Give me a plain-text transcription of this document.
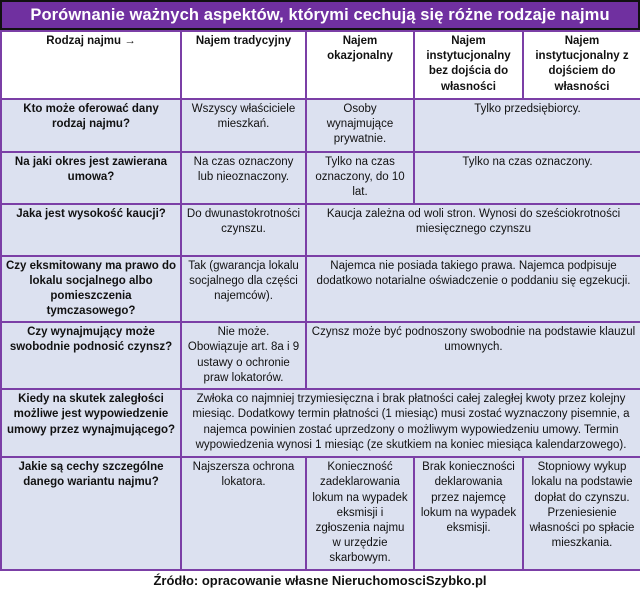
Porównanie ważnych aspektów, którymi cechują się różne rodzaje najmu
Rodzaj najmu →	Najem tradycyjny	Najem okazjonalny	Najem instytucjonalny bez dojścia do własności	Najem instytucjonalny z dojściem do własności
Kto może oferować dany rodzaj najmu?	Wszyscy właściciele mieszkań.	Osoby wynajmujące prywatnie.	Tylko przedsiębiorcy.	
Na jaki okres jest zawierana umowa?	Na czas oznaczony lub nieoznaczony.	Tylko na czas oznaczony, do 10 lat.	Tylko na czas oznaczony.	
Jaka jest wysokość kaucji?	Do dwunastokrotności czynszu.	Kaucja zależna od woli stron. Wynosi do sześciokrotności miesięcznego czynszu		
Czy eksmitowany ma prawo do lokalu socjalnego albo pomieszczenia tymczasowego?	Tak (gwarancja lokalu socjalnego dla części najemców).	Najemca nie posiada takiego prawa. Najemca podpisuje dodatkowo notarialne oświadczenie o poddaniu się egzekucji.		
Czy wynajmujący może swobodnie podnosić czynsz?	Nie może. Obowiązuje art. 8a i 9 ustawy o ochronie praw lokatorów.	Czynsz może być podnoszony swobodnie na podstawie klauzul umownych.		
Kiedy na skutek zaległości możliwe jest wypowiedzenie umowy przez wynajmującego?	Zwłoka co najmniej trzymiesięczna i brak płatności całej zaległej kwoty przez kolejny miesiąc. Dodatkowy termin płatności (1 miesiąc) musi zostać wyznaczony pisemnie, a najemca powinien zostać uprzedzony o możliwym wypowiedzeniu umowy. Termin wypowiedzenia wynosi 1 miesiąc (ze skutkiem na koniec miesiąca kalendarzowego).			
Jakie są cechy szczególne danego wariantu najmu?	Najszersza ochrona lokatora.	Konieczność zadeklarowania lokum na wypadek eksmisji i zgłoszenia najmu w urzędzie skarbowym.	Brak konieczności deklarowania przez najemcę lokum na wypadek eksmisji.	Stopniowy wykup lokalu na podstawie dopłat do czynszu. Przeniesienie własności po spłacie mieszkania.
Źródło: opracowanie własne NieruchomosciSzybko.pl
